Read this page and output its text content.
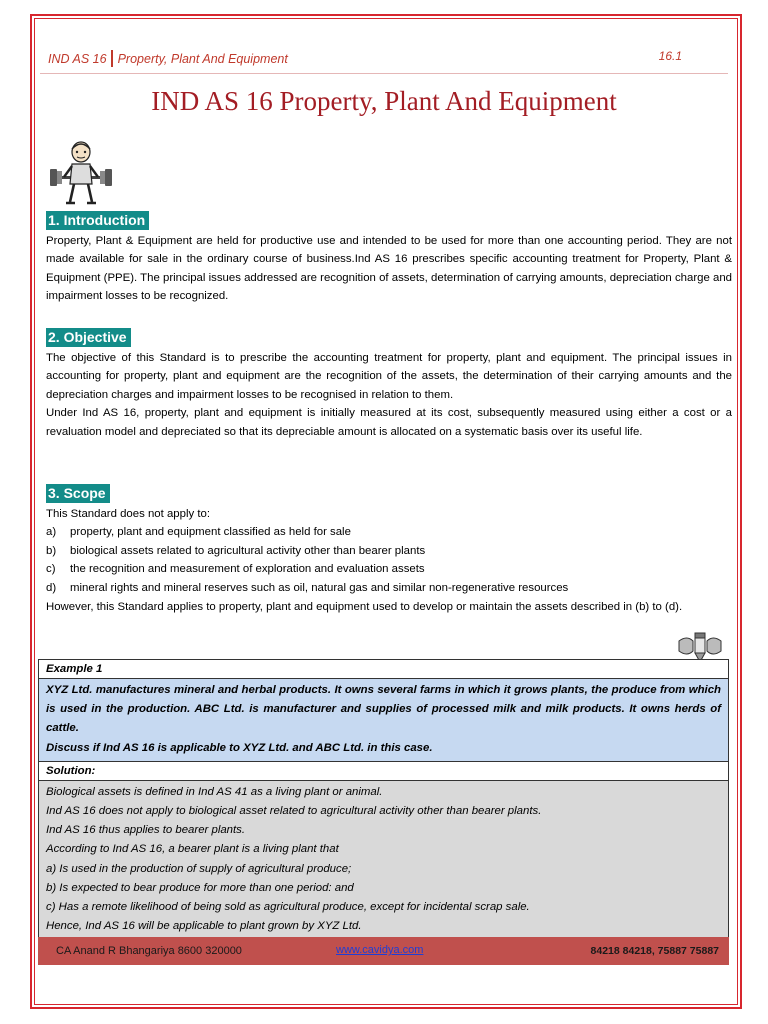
IND AS 16 Property, Plant And Equipment	16.1
IND AS 16 Property, Plant And Equipment
1. Introduction

Property, Plant & Equipment are held for productive use and intended to be used for more than one accounting period. They are not made available for sale in the ordinary course of business.Ind AS 16 prescribes specific accounting treatment for Property, Plant & Equipment (PPE). The principal issues addressed are recognition of assets, determination of carrying amounts, depreciation charge and impairment losses to be recognized.

2. Objective

The objective of this Standard is to prescribe the accounting treatment for property, plant and equipment. The principal issues in accounting for property, plant and equipment are the recognition of the assets, the determination of their carrying amounts and the depreciation charges and impairment losses to be recognised in relation to them.

Under Ind AS 16, property, plant and equipment is initially measured at its cost, subsequently measured using either a cost or a revaluation model and depreciated so that its depreciable amount is allocated on a systematic basis over its useful life.

3. Scope

This Standard does not apply to:

a)	property, plant and equipment classified as held for sale
b)	biological assets related to agricultural activity other than bearer plants
c)	the recognition and measurement of exploration and evaluation assets
d)	mineral rights and mineral reserves such as oil, natural gas and similar non-regenerative resources

However, this Standard applies to property, plant and equipment used to develop or maintain the assets described in (b) to (d).

Example 1
XYZ Ltd. manufactures mineral and herbal products. It owns several farms in which it grows plants, the produce from which is used in the production. ABC Ltd. is manufacturer and supplies of processed milk and milk products. It owns herds of cattle.
Discuss if Ind AS 16 is applicable to XYZ Ltd. and ABC Ltd. in this case.
Solution:
Biological assets is defined in Ind AS 41 as a living plant or animal.
Ind AS 16 does not apply to biological asset related to agricultural activity other than bearer plants.
Ind AS 16 thus applies to bearer plants.
According to Ind AS 16, a bearer plant is a living plant that
a) Is used in the production of supply of agricultural produce;
b) Is expected to bear produce for more than one period: and
c) Has a remote likelihood of being sold as agricultural produce, except for incidental scrap sale.
Hence, Ind AS 16 will be applicable to plant grown by XYZ Ltd.
CA Anand R Bhangariya 8600 320000	www.cavidya.com	84218 84218, 75887 75887
